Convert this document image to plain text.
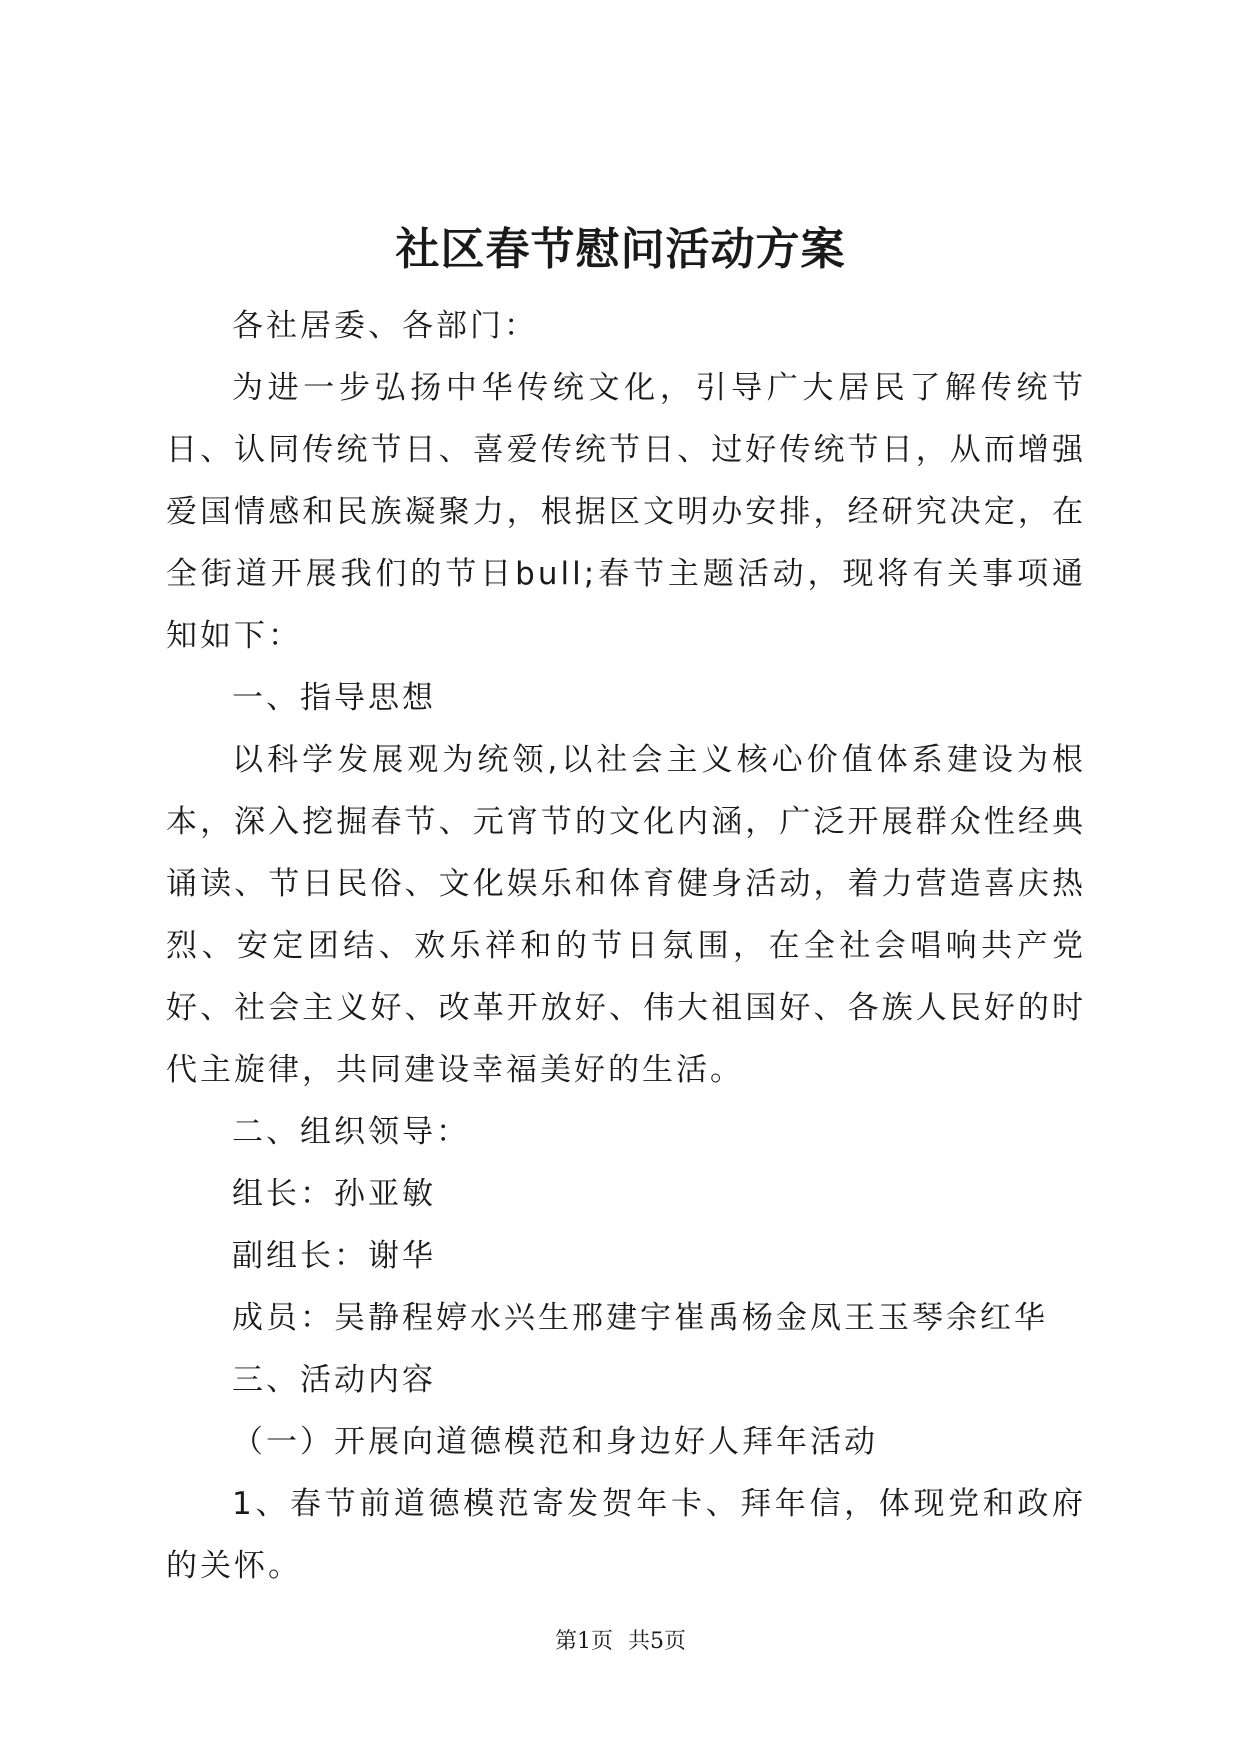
社区春节慰问活动方案

各社居委、各部门：

为进一步弘扬中华传统文化，引导广大居民了解传统节日、认同传统节日、喜爱传统节日、过好传统节日，从而增强爱国情感和民族凝聚力，根据区文明办安排，经研究决定，在全街道开展我们的节日bull;春节主题活动，现将有关事项通知如下：

一、指导思想

以科学发展观为统领,以社会主义核心价值体系建设为根本，深入挖掘春节、元宵节的文化内涵，广泛开展群众性经典诵读、节日民俗、文化娱乐和体育健身活动，着力营造喜庆热烈、安定团结、欢乐祥和的节日氛围，在全社会唱响共产党好、社会主义好、改革开放好、伟大祖国好、各族人民好的时代主旋律，共同建设幸福美好的生活。

二、组织领导：

组长：孙亚敏

副组长：谢华

成员：吴静程婷水兴生邢建宇崔禹杨金凤王玉琴余红华

三、活动内容

（一）开展向道德模范和身边好人拜年活动

1、春节前道德模范寄发贺年卡、拜年信，体现党和政府的关怀。

第1页 共5页
